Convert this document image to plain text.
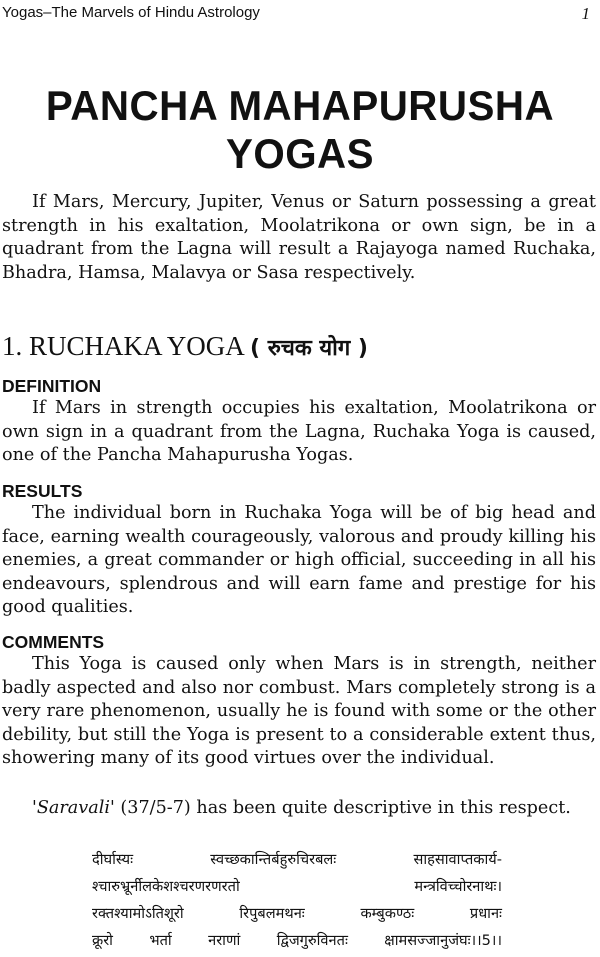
Yogas–The Marvels of Hindu Astrology	1
PANCHA MAHAPURUSHA
YOGAS

If Mars, Mercury, Jupiter, Venus or Saturn possessing a great strength in his exaltation, Moolatrikona or own sign, be in a quadrant from the Lagna will result a Rajayoga named Ruchaka, Bhadra, Hamsa, Malavya or Sasa respectively.

1. RUCHAKA YOGA ( रुचक योग )
DEFINITION

If Mars in strength occupies his exaltation, Moolatrikona or own sign in a quadrant from the Lagna, Ruchaka Yoga is caused, one of the Pancha Mahapurusha Yogas.

RESULTS

The individual born in Ruchaka Yoga will be of big head and face, earning wealth courageously, valorous and proudy killing his enemies, a great commander or high official, succeeding in all his endeavours, splendrous and will earn fame and prestige for his good qualities.

COMMENTS

This Yoga is caused only when Mars is in strength, neither badly aspected and also nor combust. Mars completely strong is a very rare phenomenon, usually he is found with some or the other debility, but still the Yoga is present to a considerable extent thus, showering many of its good virtues over the individual.

'Saravali' (37/5-7) has been quite descriptive in this respect.

दीर्घास्यः	स्वच्छकान्तिर्बहुरुचिरबलः	साहसावाप्तकार्य-
श्चारुभ्रूर्नीलकेशश्चरणरणरतो	मन्त्रविच्चोरनाथः।
रक्तश्यामोऽतिशूरो	रिपुबलमथनः	कम्बुकण्ठः	प्रधानः
क्रूरो भर्ता नराणां द्विजगुरुविनतः क्षामसज्जानुजंघः।।5।।
